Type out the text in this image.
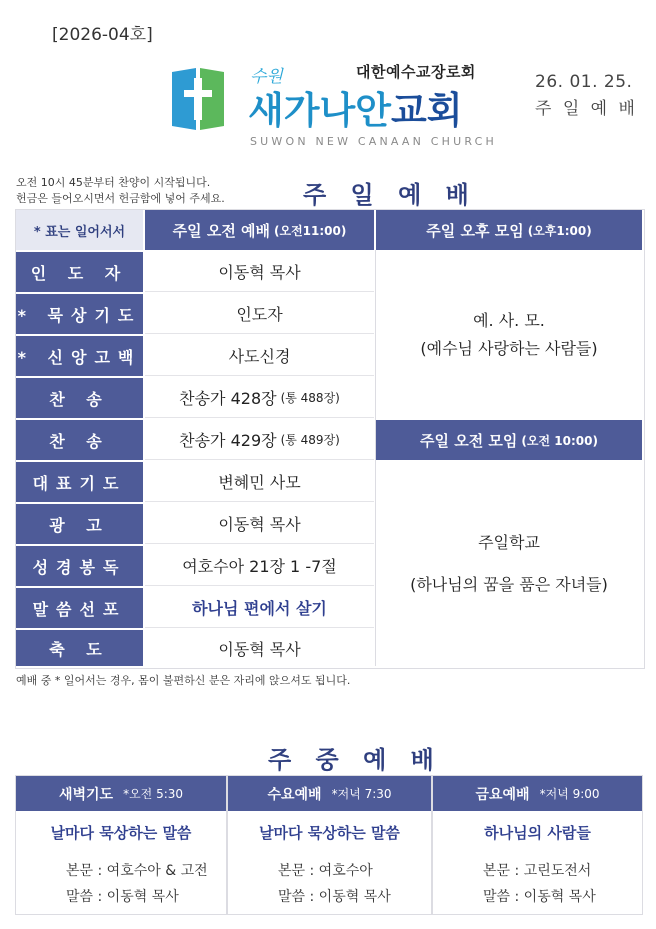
[2026-04호]
수원	대한예수교장로회
새가나안교회
SUWON NEW CANAAN CHURCH
26. 01. 25.
주 일 예 배
오전 10시 45분부터 찬양이 시작됩니다.
헌금은 들어오시면서 헌금함에 넣어 주세요.	주 일 예 배
* 표는 일어서서	주일 오전 예배 (오전11:00)	주일 오후 모임 (오후1:00)
인 도 자	이동혁 목사
* 묵상기도	인도자
* 신앙고백	사도신경
찬 송	찬송가 428장 (통 488장)
찬 송	찬송가 429장 (통 489장)
대표기도	변혜민 사모
광 고	이동혁 목사
성경봉독	여호수아 21장 1 -7절
말씀선포	하나님 편에서 살기
축 도	이동혁 목사
예. 사. 모.
(예수님 사랑하는 사람들)
주일 오전 모임 (오전 10:00)
주일학교
(하나님의 꿈을 품은 자녀들)
예배 중 * 일어서는 경우, 몸이 불편하신 분은 자리에 앉으셔도 됩니다.
주 중 예 배
새벽기도 *오전 5:30
날마다 묵상하는 말씀
본문 : 여호수아 & 고전
말씀 : 이동혁 목사
수요예배 *저녁 7:30
날마다 묵상하는 말씀
본문 : 여호수아
말씀 : 이동혁 목사
금요예배 *저녁 9:00
하나님의 사람들
본문 : 고린도전서
말씀 : 이동혁 목사
